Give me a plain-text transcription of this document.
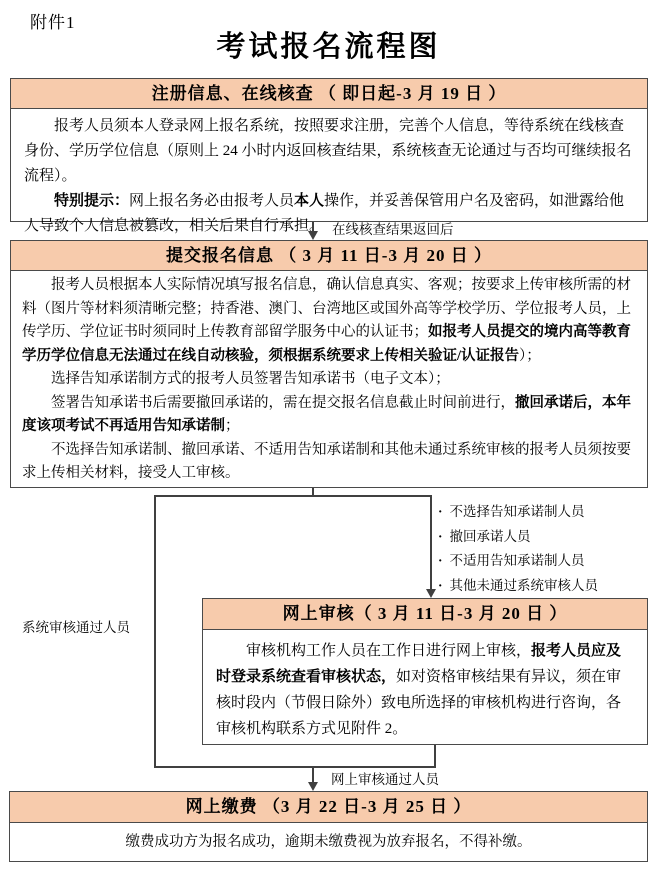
附件1
考试报名流程图
注册信息、在线核查 （ 即日起-3 月 19 日 ）

报考人员须本人登录网上报名系统，按照要求注册，完善个人信息，等待系统在线核查身份、学历学位信息（原则上 24 小时内返回核查结果，系统核查无论通过与否均可继续报名流程）。

特别提示：网上报名务必由报考人员本人操作，并妥善保管用户名及密码，如泄露给他人导致个人信息被篡改，相关后果自行承担。 在线核查结果返回后
提交报名信息 （ 3 月 11 日-3 月 20 日 ）

报考人员根据本人实际情况填写报名信息，确认信息真实、客观；按要求上传审核所需的材料（图片等材料须清晰完整；持香港、澳门、台湾地区或国外高等学校学历、学位报考人员，上传学历、学位证书时须同时上传教育部留学服务中心的认证书；如报考人员提交的境内高等教育学历学位信息无法通过在线自动核验，须根据系统要求上传相关验证/认证报告）；

选择告知承诺制方式的报考人员签署告知承诺书（电子文本）；

签署告知承诺书后需要撤回承诺的，需在提交报名信息截止时间前进行，撤回承诺后，本年度该项考试不再适用告知承诺制；

不选择告知承诺制、撤回承诺、不适用告知承诺制和其他未通过系统审核的报考人员须按要求上传相关材料，接受人工审核。

· 不选择告知承诺制人员
· 撤回承诺人员
· 不适用告知承诺制人员
· 其他未通过系统审核人员
系统审核通过人员
网上审核（ 3 月 11 日-3 月 20 日 ）

审核机构工作人员在工作日进行网上审核，报考人员应及时登录系统查看审核状态，如对资格审核结果有异议，须在审核时段内（节假日除外）致电所选择的审核机构进行咨询，各审核机构联系方式见附件 2。

网上审核通过人员
网上缴费 （3 月 22 日-3 月 25 日 ）

缴费成功方为报名成功，逾期未缴费视为放弃报名，不得补缴。
